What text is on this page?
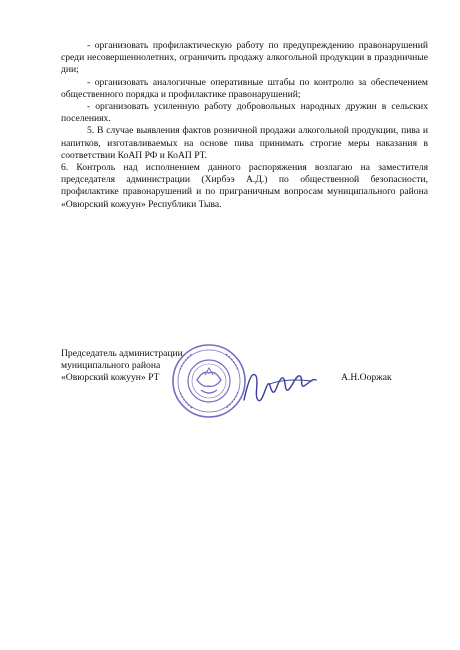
- организовать профилактическую работу по предупреждению правонарушений среди несовершеннолетних, ограничить продажу алкогольной продукции в праздничные дни;

- организовать аналогичные оперативные штабы по контролю за обеспечением общественного порядка и профилактике правонарушений;

- организовать усиленную работу добровольных народных дружин в сельских поселениях.

5. В случае выявления фактов розничной продажи алкогольной продукции, пива и напитков, изготавливаемых на основе пива принимать строгие меры наказания в соответствии КоАП РФ и КоАП РТ.

6. Контроль над исполнением данного распоряжения возлагаю на заместителя председателя администрации (Хирбээ А.Д.) по общественной безопасности, профилактике правонарушений и по приграничным вопросам муниципального района «Овюрский кожуун» Республики Тыва.

Председатель администрации
муниципального района
«Овюрский кожуун» РТ	А.Н.Ооржак
